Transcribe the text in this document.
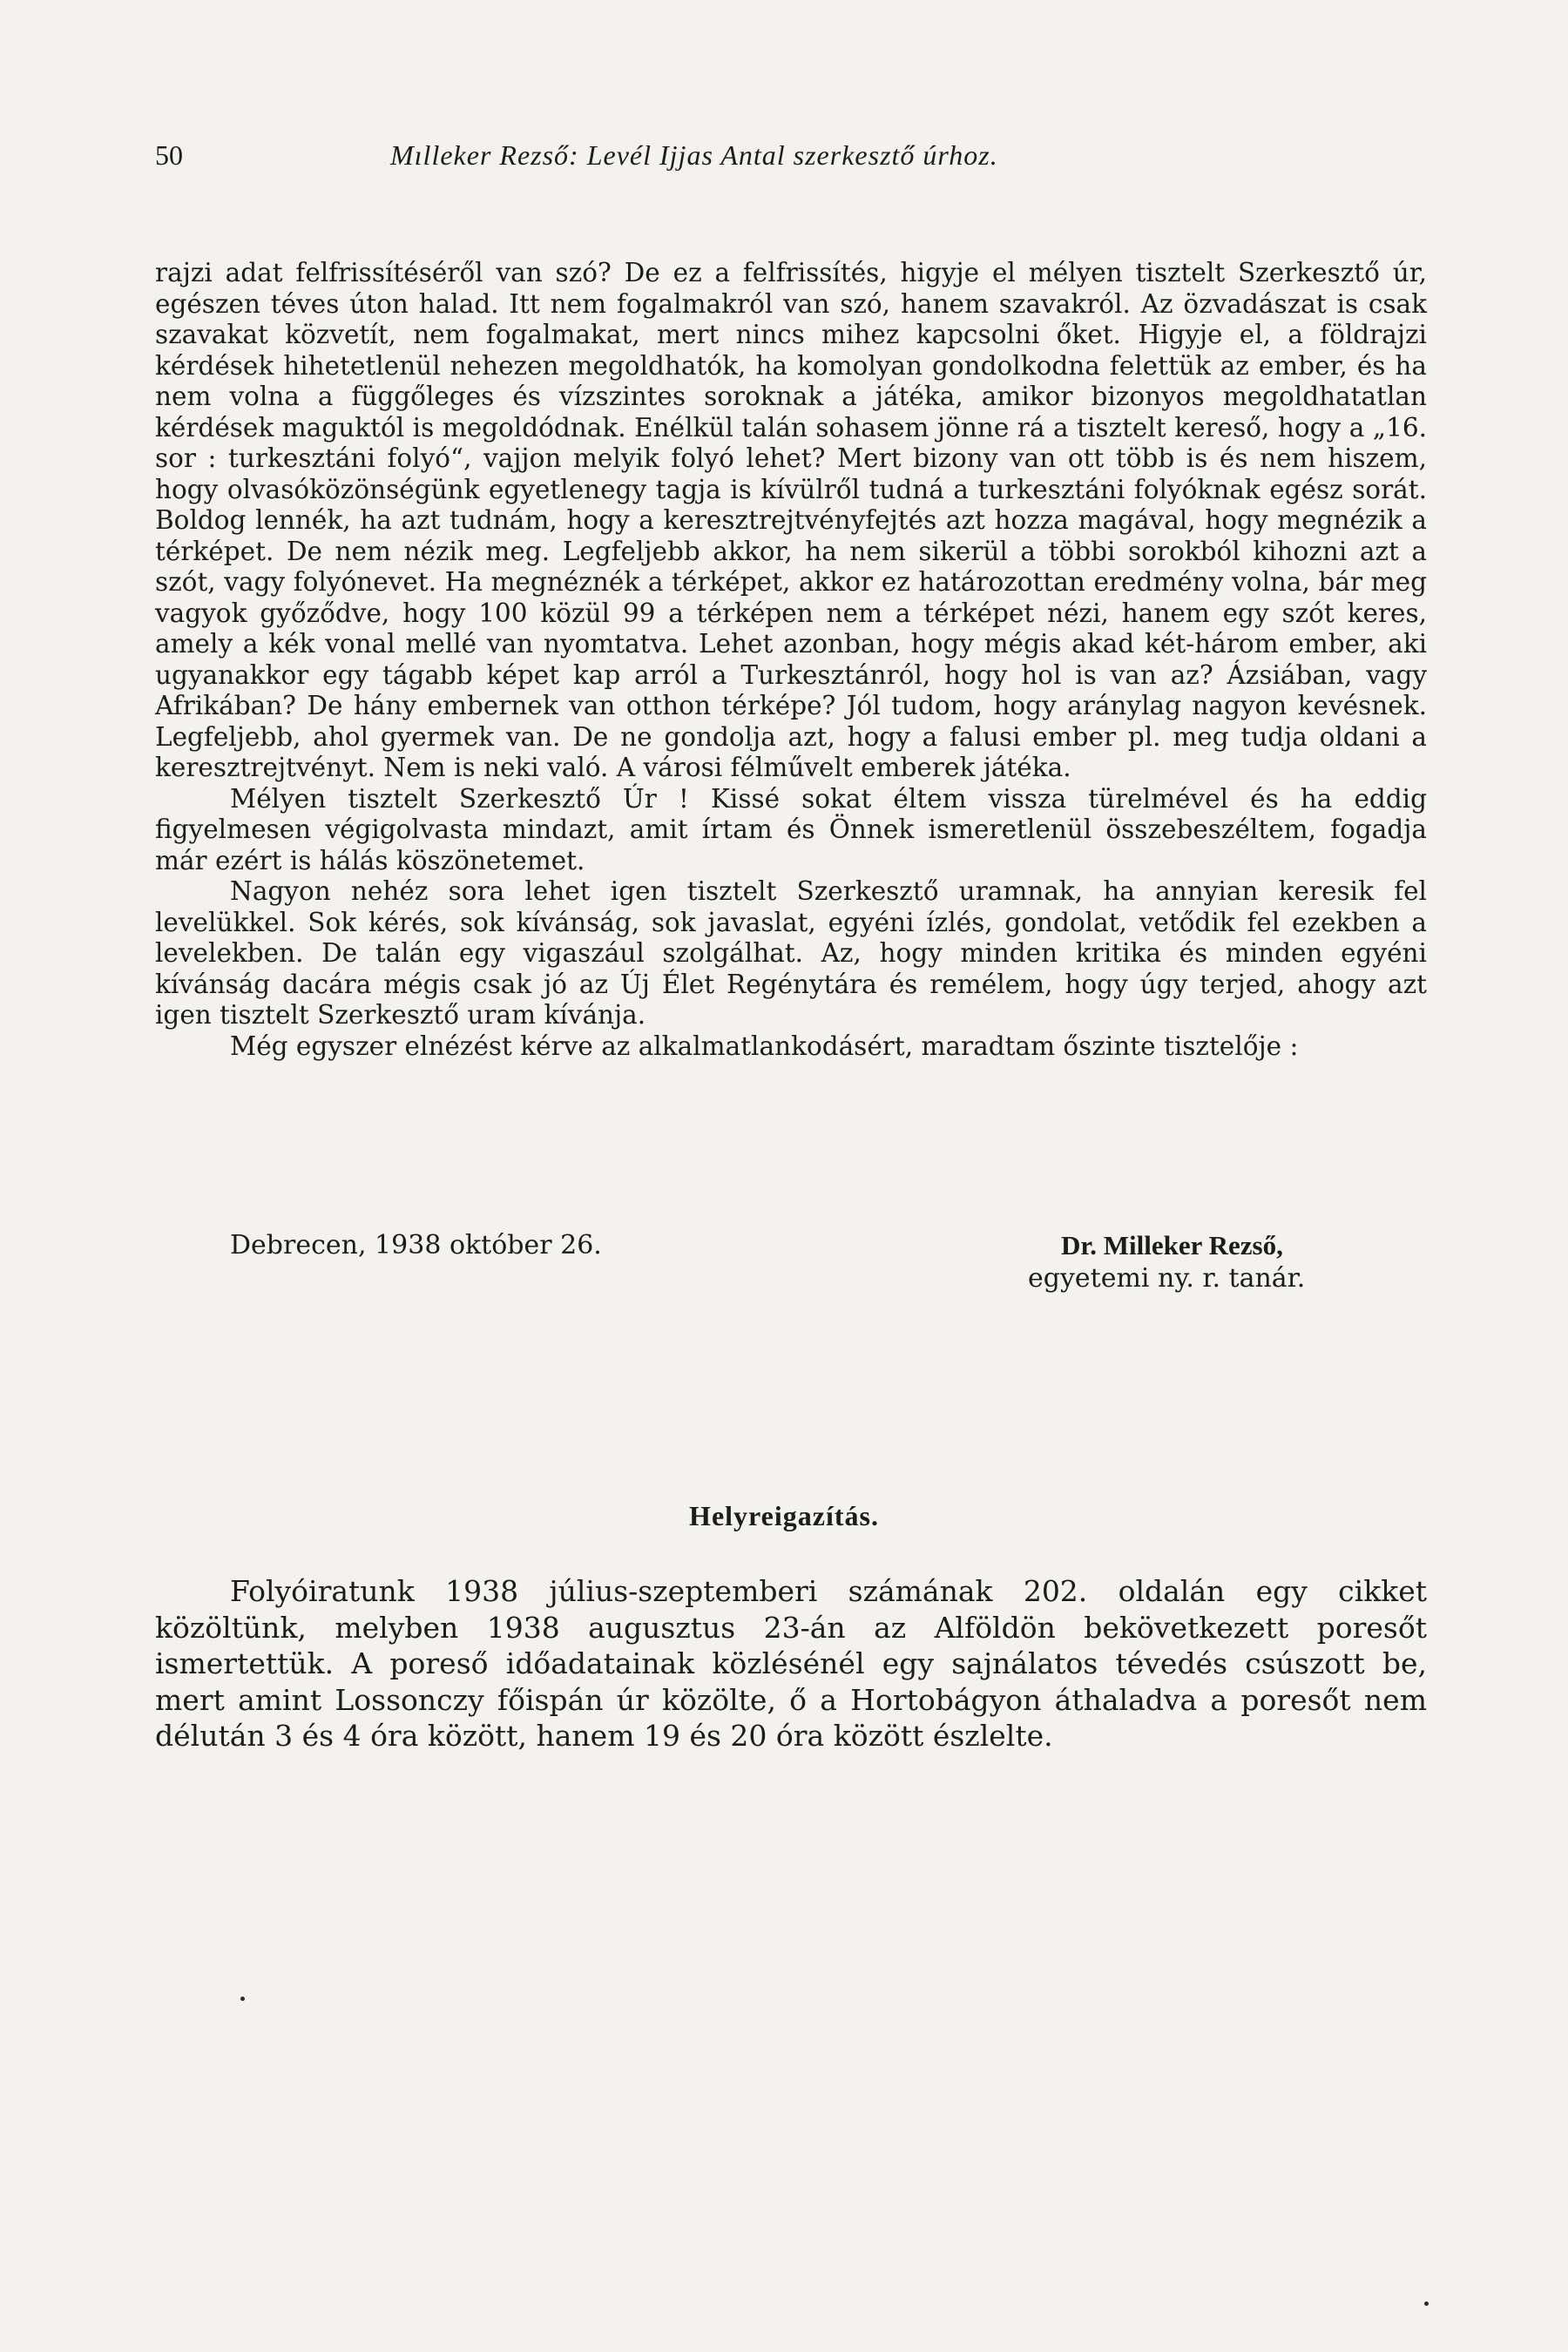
50	Mılleker Rezső: Levél Ijjas Antal szerkesztő úrhoz.

rajzi adat felfrissítéséről van szó? De ez a felfrissítés, higyje el mélyen tisztelt Szerkesztő úr, egészen téves úton halad. Itt nem fogalmakról van szó, hanem szavakról. Az özvadászat is csak szavakat közvetít, nem fogalmakat, mert nincs mihez kapcsolni őket. Higyje el, a földrajzi kérdések hihetetlenül nehezen megoldhatók, ha komolyan gondolkodna felettük az ember, és ha nem volna a függőleges és vízszintes soroknak a játéka, amikor bizonyos megoldhatatlan kérdések maguktól is megoldódnak. Enélkül talán sohasem jönne rá a tisztelt kereső, hogy a „16. sor : turkesztáni folyó“, vajjon melyik folyó lehet? Mert bizony van ott több is és nem hiszem, hogy olvasóközönségünk egyetlenegy tagja is kívülről tudná a turkesztáni folyóknak egész sorát. Boldog lennék, ha azt tudnám, hogy a keresztrejtvényfejtés azt hozza magával, hogy megnézik a térképet. De nem nézik meg. Legfeljebb akkor, ha nem sikerül a többi sorokból kihozni azt a szót, vagy folyónevet. Ha megnéznék a térképet, akkor ez határozottan eredmény volna, bár meg vagyok győződve, hogy 100 közül 99 a térképen nem a térképet nézi, hanem egy szót keres, amely a kék vonal mellé van nyomtatva. Lehet azonban, hogy mégis akad két-három ember, aki ugyanakkor egy tágabb képet kap arról a Turkesztánról, hogy hol is van az? Ázsiában, vagy Afrikában? De hány embernek van otthon térképe? Jól tudom, hogy aránylag nagyon kevésnek. Legfeljebb, ahol gyermek van. De ne gondolja azt, hogy a falusi ember pl. meg tudja oldani a keresztrejtvényt. Nem is neki való. A városi félművelt emberek játéka.

Mélyen tisztelt Szerkesztő Úr ! Kissé sokat éltem vissza türelmével és ha eddig figyelmesen végigolvasta mindazt, amit írtam és Önnek ismeretlenül összebeszéltem, fogadja már ezért is hálás köszönetemet.

Nagyon nehéz sora lehet igen tisztelt Szerkesztő uramnak, ha annyian keresik fel levelükkel. Sok kérés, sok kívánság, sok javaslat, egyéni ízlés, gondolat, vetődik fel ezekben a levelekben. De talán egy vigaszául szolgálhat. Az, hogy minden kritika és minden egyéni kívánság dacára mégis csak jó az Új Élet Regénytára és remélem, hogy úgy terjed, ahogy azt igen tisztelt Szerkesztő uram kívánja.

Még egyszer elnézést kérve az alkalmatlankodásért, maradtam őszinte tisztelője :

Debrecen, 1938 október 26.	Dr. Milleker Rezső,
egyetemi ny. r. tanár.
Helyreigazítás.

Folyóiratunk 1938 július-szeptemberi számának 202. oldalán egy cikket közöltünk, melyben 1938 augusztus 23-án az Alföldön bekövetkezett poresőt ismertettük. A poreső időadatainak közlésénél egy sajnálatos tévedés csúszott be, mert amint Lossonczy főispán úr közölte, ő a Hortobágyon áthaladva a poresőt nem délután 3 és 4 óra között, hanem 19 és 20 óra között észlelte.
